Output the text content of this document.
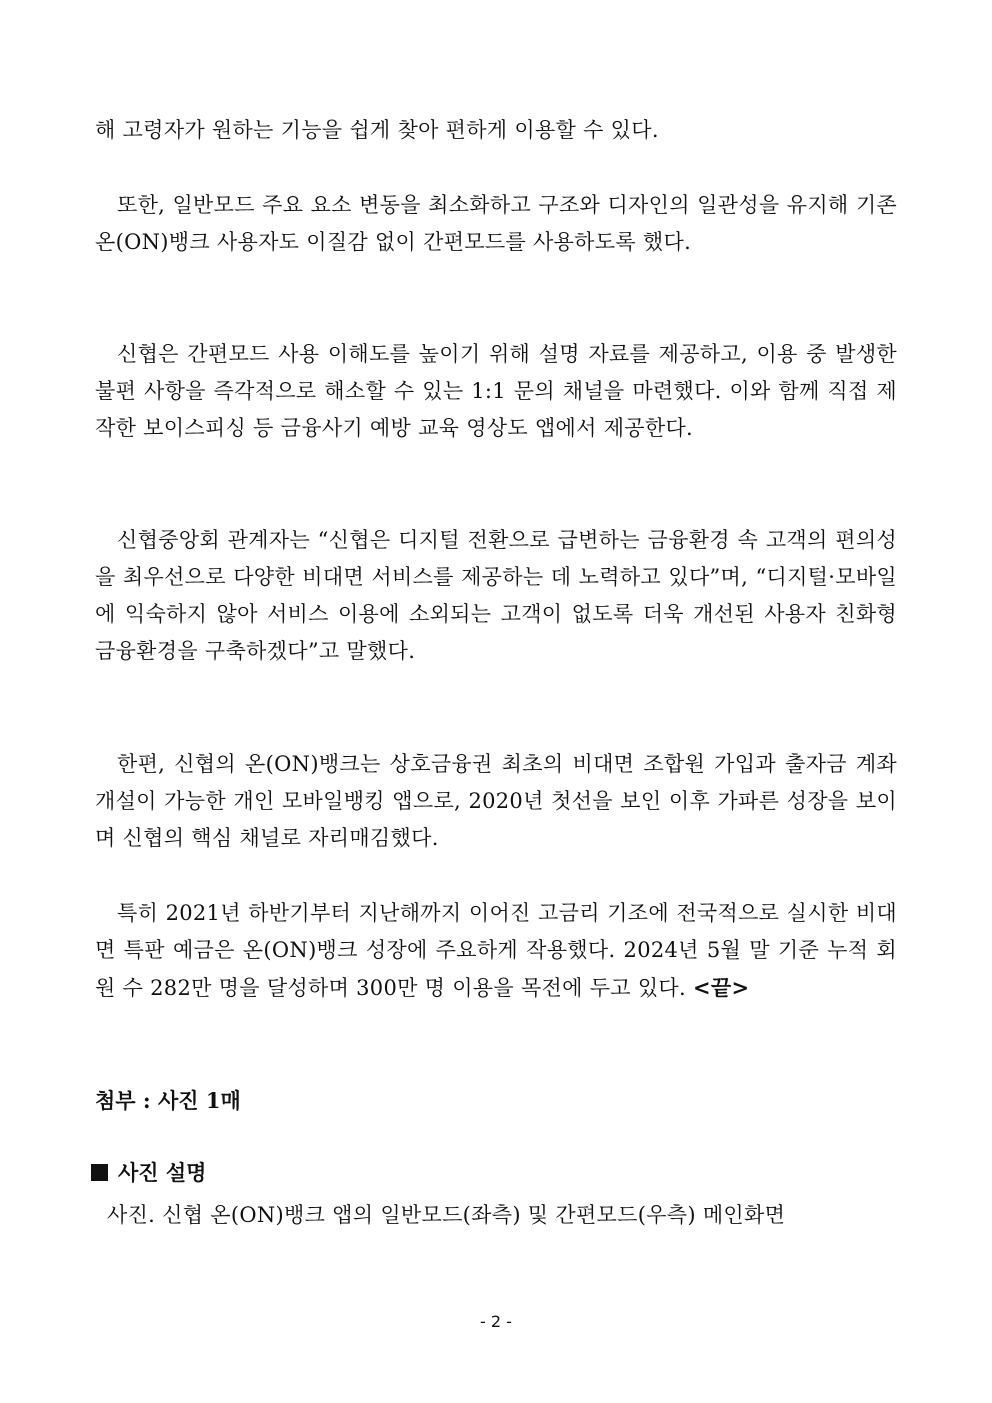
해 고령자가 원하는 기능을 쉽게 찾아 편하게 이용할 수 있다.

또한, 일반모드 주요 요소 변동을 최소화하고 구조와 디자인의 일관성을 유지해 기존 온(ON)뱅크 사용자도 이질감 없이 간편모드를 사용하도록 했다.

신협은 간편모드 사용 이해도를 높이기 위해 설명 자료를 제공하고, 이용 중 발생한 불편 사항을 즉각적으로 해소할 수 있는 1:1 문의 채널을 마련했다. 이와 함께 직접 제작한 보이스피싱 등 금융사기 예방 교육 영상도 앱에서 제공한다.

신협중앙회 관계자는 “신협은 디지털 전환으로 급변하는 금융환경 속 고객의 편의성을 최우선으로 다양한 비대면 서비스를 제공하는 데 노력하고 있다”며, “디지털·모바일에 익숙하지 않아 서비스 이용에 소외되는 고객이 없도록 더욱 개선된 사용자 친화형 금융환경을 구축하겠다”고 말했다.

한편, 신협의 온(ON)뱅크는 상호금융권 최초의 비대면 조합원 가입과 출자금 계좌 개설이 가능한 개인 모바일뱅킹 앱으로, 2020년 첫선을 보인 이후 가파른 성장을 보이며 신협의 핵심 채널로 자리매김했다.

특히 2021년 하반기부터 지난해까지 이어진 고금리 기조에 전국적으로 실시한 비대면 특판 예금은 온(ON)뱅크 성장에 주요하게 작용했다. 2024년 5월 말 기준 누적 회원 수 282만 명을 달성하며 300만 명 이용을 목전에 두고 있다. <끝>

첨부 : 사진 1매
사진 설명
사진. 신협 온(ON)뱅크 앱의 일반모드(좌측) 및 간편모드(우측) 메인화면
- 2 -
